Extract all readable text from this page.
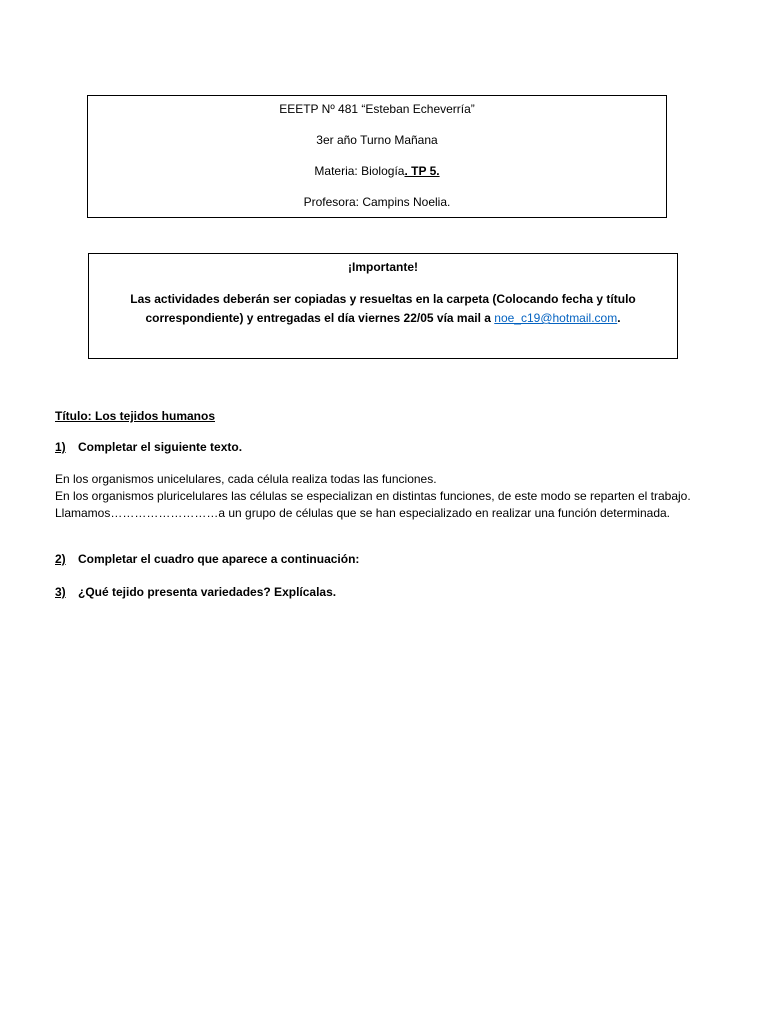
EEETP Nº 481 “Esteban Echeverría”
3er año Turno Mañana
Materia: Biología. TP 5.
Profesora: Campins Noelia.
¡Importante!
Las actividades deberán ser copiadas y resueltas en la carpeta (Colocando fecha y título correspondiente) y entregadas el día viernes 22/05 vía mail a noe_c19@hotmail.com.
Título: Los tejidos humanos
1) Completar el siguiente texto.
En los organismos unicelulares, cada célula realiza todas las funciones.
En los organismos pluricelulares las células se especializan en distintas funciones, de este modo se reparten el trabajo.
Llamamos………………………a un grupo de células que se han especializado en realizar una función determinada.
2) Completar el cuadro que aparece a continuación:
3) ¿Qué tejido presenta variedades? Explícalas.
